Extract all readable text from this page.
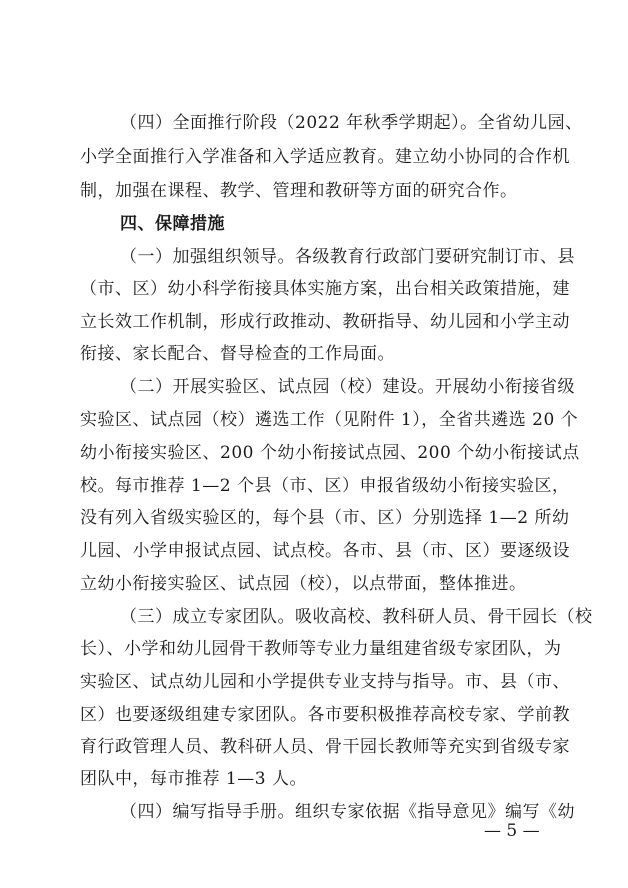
（四）全面推行阶段（2022 年秋季学期起）。全省幼儿园、
小学全面推行入学准备和入学适应教育。建立幼小协同的合作机
制，加强在课程、教学、管理和教研等方面的研究合作。
四、保障措施
（一）加强组织领导。各级教育行政部门要研究制订市、县
（市、区）幼小科学衔接具体实施方案，出台相关政策措施，建
立长效工作机制，形成行政推动、教研指导、幼儿园和小学主动
衔接、家长配合、督导检查的工作局面。
（二）开展实验区、试点园（校）建设。开展幼小衔接省级
实验区、试点园（校）遴选工作（见附件 1），全省共遴选 20 个
幼小衔接实验区、200 个幼小衔接试点园、200 个幼小衔接试点
校。每市推荐 1—2 个县（市、区）申报省级幼小衔接实验区，
没有列入省级实验区的，每个县（市、区）分别选择 1—2 所幼
儿园、小学申报试点园、试点校。各市、县（市、区）要逐级设
立幼小衔接实验区、试点园（校），以点带面，整体推进。
（三）成立专家团队。吸收高校、教科研人员、骨干园长（校
长）、小学和幼儿园骨干教师等专业力量组建省级专家团队，为
实验区、试点幼儿园和小学提供专业支持与指导。市、县（市、
区）也要逐级组建专家团队。各市要积极推荐高校专家、学前教
育行政管理人员、教科研人员、骨干园长教师等充实到省级专家
团队中，每市推荐 1—3 人。
（四）编写指导手册。组织专家依据《指导意见》编写《幼
— 5 —
